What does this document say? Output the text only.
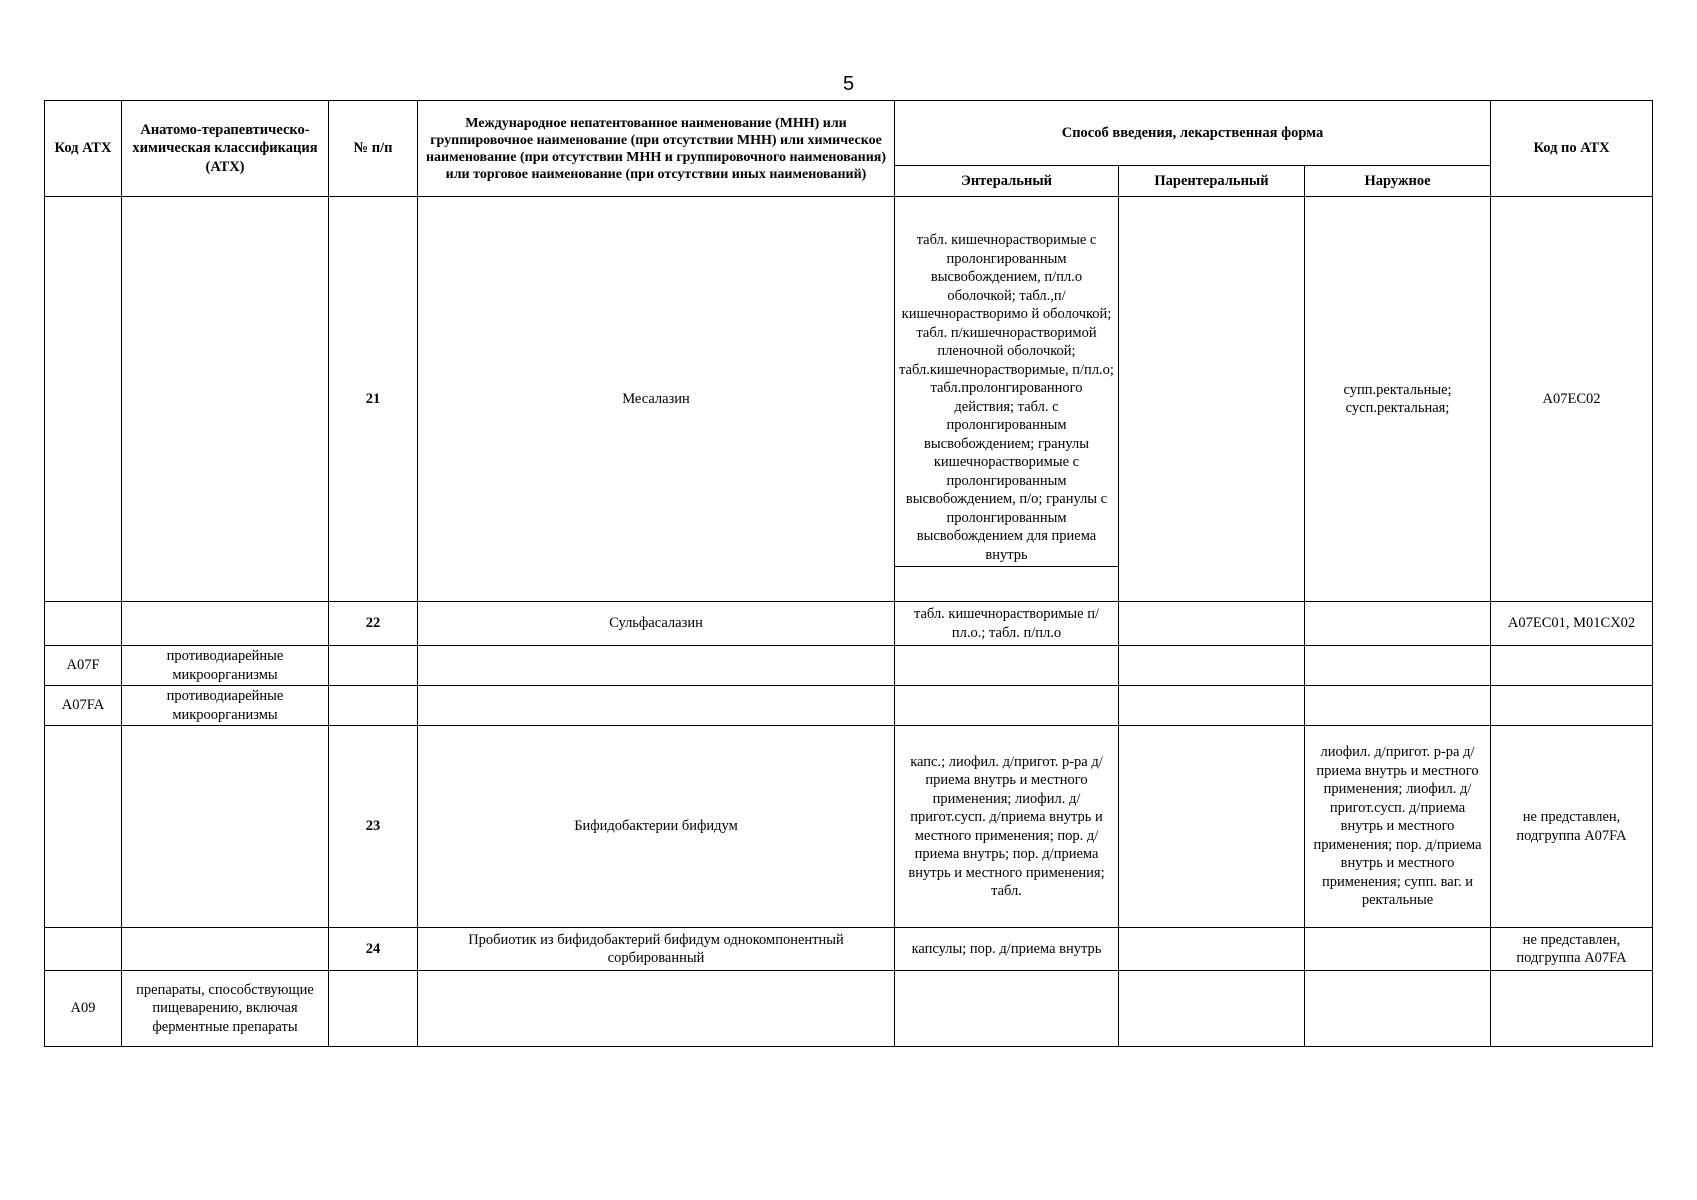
5
Код АТХ	Анатомо-терапевтическо-химическая классификация (АТХ)	№ п/п	Международное непатентованное наименование (МНН) или группировочное наименование (при отсутствии МНН) или химическое наименование (при отсутствии МНН и группировочного наименования) или торговое наименование (при отсутствии иных наименований)	Способ введения, лекарственная форма			Код по АТХ
				Энтеральный	Парентеральный	Наружное	
		21	Месалазин	табл. кишечнорастворимые с пролонгированным высвобождением, п/пл.о оболочкой; табл.,п/кишечнорастворимо й оболочкой; табл. п/кишечнорастворимой пленочной оболочкой; табл.кишечнорастворимые, п/пл.о; табл.пролонгированного действия; табл. с пролонгированным высвобождением; гранулы кишечнорастворимые с пролонгированным высвобождением, п/о; гранулы с пролонгированным высвобождением для приема внутрь		супп.ректальные; сусп.ректальная;	A07EC02
		22	Сульфасалазин	табл. кишечнорастворимые п/пл.о.; табл. п/пл.о			A07EC01, M01CX02
A07F	противодиарейные микроорганизмы						
A07FA	противодиарейные микроорганизмы						
		23	Бифидобактерии бифидум	капс.; лиофил. д/пригот. р-ра д/приема внутрь и местного применения; лиофил. д/пригот.сусп. д/приема внутрь и местного применения; пор. д/приема внутрь; пор. д/приема внутрь и местного применения; табл.		лиофил. д/пригот. р-ра д/приема внутрь и местного применения; лиофил. д/пригот.сусп. д/приема внутрь и местного применения; пор. д/приема внутрь и местного применения; супп. ваг. и ректальные	не представлен, подгруппа A07FA
		24	Пробиотик из бифидобактерий бифидум однокомпонентный сорбированный	капсулы; пор. д/приема внутрь			не представлен, подгруппа A07FA
A09	препараты, способствующие пищеварению, включая ферментные препараты						
